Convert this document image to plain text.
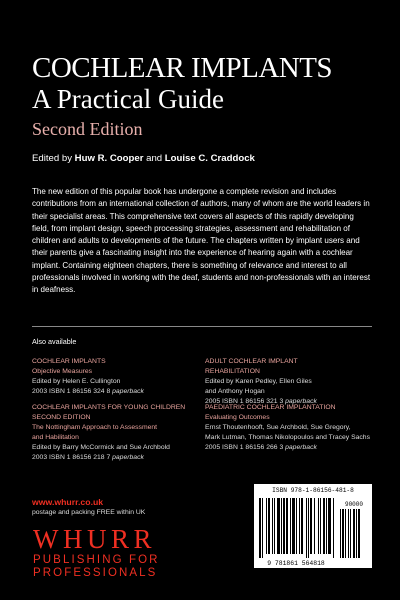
COCHLEAR IMPLANTS
A Practical Guide
Second Edition
Edited by Huw R. Cooper and Louise C. Craddock
The new edition of this popular book has undergone a complete revision and includes contributions from an international collection of authors, many of whom are the world leaders in their specialist areas. This comprehensive text covers all aspects of this rapidly developing field, from implant design, speech processing strategies, assessment and rehabilitation of children and adults to developments of the future. The chapters written by implant users and their parents give a fascinating insight into the experience of hearing again with a cochlear implant. Containing eighteen chapters, there is something of relevance and interest to all professionals involved in working with the deaf, students and non-professionals with an interest in deafness.
Also available
COCHLEAR IMPLANTS
Objective Measures
Edited by Helen E. Cullington
2003 ISBN 1 86156 324 8 paperback
ADULT COCHLEAR IMPLANT
REHABILITATION
Edited by Karen Pedley, Ellen Giles
and Anthony Hogan
2005 ISBN 1 86156 321 3 paperback
COCHLEAR IMPLANTS FOR YOUNG CHILDREN
SECOND EDITION
The Nottingham Approach to Assessment
and Habilitation
Edited by Barry McCormick and Sue Archbold
2003 ISBN 1 86156 218 7 paperback
PAEDIATRIC COCHLEAR IMPLANTATION
Evaluating Outcomes
Ernst Thoutenhooft, Sue Archbold, Sue Gregory,
Mark Lutman, Thomas Nikolopoulos and Tracey Sachs
2005 ISBN 1 86156 266 3 paperback
www.whurr.co.uk
postage and packing FREE within UK
WHURR
PUBLISHING FOR
PROFESSIONALS
ISBN 978-1-86156-481-8
90000
9 781861 564818
